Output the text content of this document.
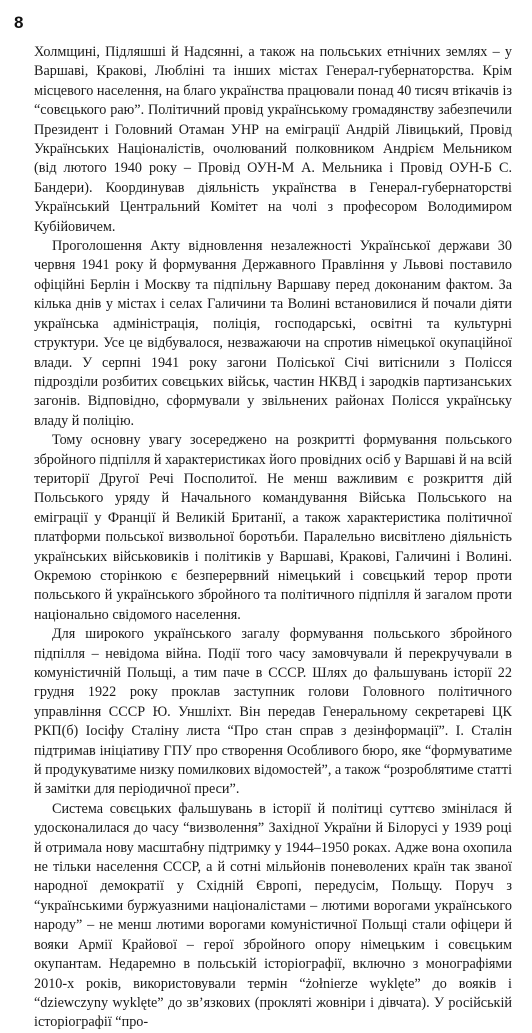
8

Холмщині, Підляшші й Надсянні, а також на польських етнічних землях – у Варшаві, Кракові, Любліні та інших містах Генерал-губернаторства. Крім місцевого населення, на благо українства працювали понад 40 тисяч втікачів із “совєцького раю”. Політичний провід українському громадянству забезпечили Президент і Головний Отаман УНР на еміграції Андрій Лівицький, Провід Українських Націоналістів, очолюваний полковником Андрієм Мельником (від лютого 1940 року – Провід ОУН-М А. Мельника і Провід ОУН-Б С. Бандери). Координував діяльність українства в Генерал-губернаторстві Український Центральний Комітет на чолі з професором Володимиром Кубійовичем.

Проголошення Акту відновлення незалежності Української держави 30 червня 1941 року й формування Державного Правління у Львові поставило офіційні Берлін і Москву та підпільну Варшаву перед доконаним фактом. За кілька днів у містах і селах Галичини та Волині встановилися й почали діяти українська адміністрація, поліція, господарські, освітні та культурні структури. Усе це відбувалося, незважаючи на спротив німецької окупаційної влади. У серпні 1941 року загони Поліської Січі витіснили з Полісся підрозділи розбитих совєцьких військ, частин НКВД і зародків партизанських загонів. Відповідно, сформували у звільнених районах Полісся українську владу й поліцію.

Тому основну увагу зосереджено на розкритті формування польського збройного підпілля й характеристиках його провідних осіб у Варшаві й на всій території Другої Речі Посполитої. Не менш важливим є розкриття дій Польського уряду й Начального командування Війська Польського на еміграції у Франції й Великій Британії, а також характеристика політичної платформи польської визвольної боротьби. Паралельно висвітлено діяльність українських військовиків і політиків у Варшаві, Кракові, Галичині і Волині. Окремою сторінкою є безперервний німецький і совєцький терор проти польського й українського збройного та політичного підпілля й загалом проти національно свідомого населення.

Для широкого українського загалу формування польського збройного підпілля – невідома війна. Події того часу замовчували й перекручували в комуністичній Польщі, а тим паче в СССР. Шлях до фальшувань історії 22 грудня 1922 року проклав заступник голови Головного політичного управління СССР Ю. Уншліхт. Він передав Генеральному секретареві ЦК РКП(б) Іосіфу Сталіну листа “Про стан справ з дезінформації”. І. Сталін підтримав ініціативу ГПУ про створення Особливого бюро, яке “формуватиме й продукуватиме низку помилкових відомостей”, а також “розроблятиме статті й замітки для періодичної преси”.

Система совєцьких фальшувань в історії й політиці суттєво змінілася й удосконалилася до часу “визволення” Західної України й Білорусі у 1939 році й отримала нову масштабну підтримку у 1944–1950 роках. Адже вона охопила не тільки населення СССР, а й сотні мільйонів поневолених країн так званої народної демократії у Східній Європі, передусім, Польщу. Поруч з “українськими буржуазними націоналістами – лютими ворогами українського народу” – не менш лютими ворогами комуністичної Польщі стали офіцери й вояки Армії Крайової – герої збройного опору німецьким і совєцьким окупантам. Недаремно в польській історіографії, включно з монографіями 2010-х років, використовували термін “żołnierze wyklęte” до вояків і “dziewczyny wyklęte” до зв’язкових (прокляті жовніри і дівчата). У російській історіографії “про-
